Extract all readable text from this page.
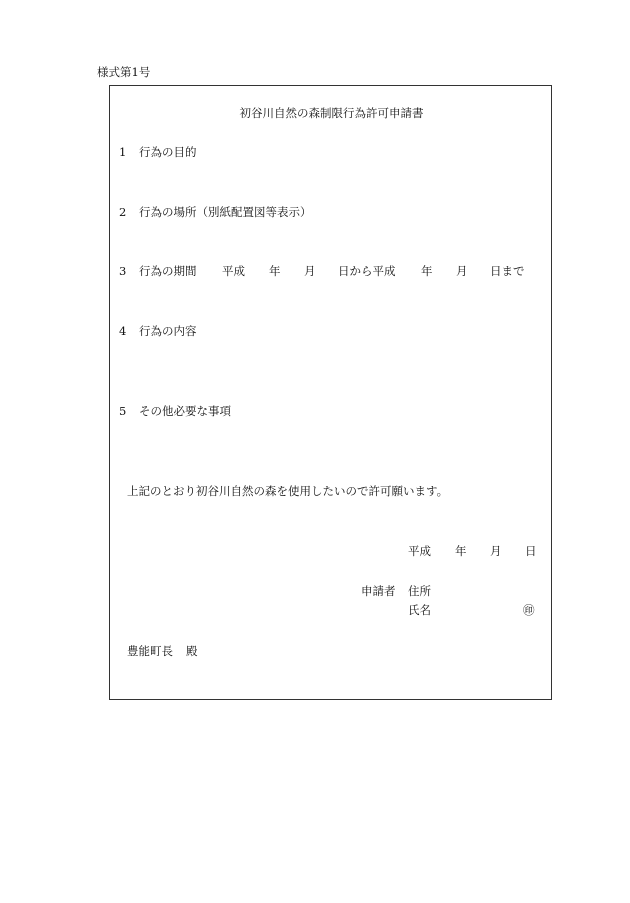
様式第1号
初谷川自然の森制限行為許可申請書
1 行為の目的
2 行為の場所（別紙配置図等表示）
3 行為の期間 平成 年 月 日から平成 年 月 日まで
4 行為の内容
5 その他必要な事項
上記のとおり初谷川自然の森を使用したいので許可願います。
平成 年 月 日
申請者 住所
氏名	㊞
豊能町長 殿
